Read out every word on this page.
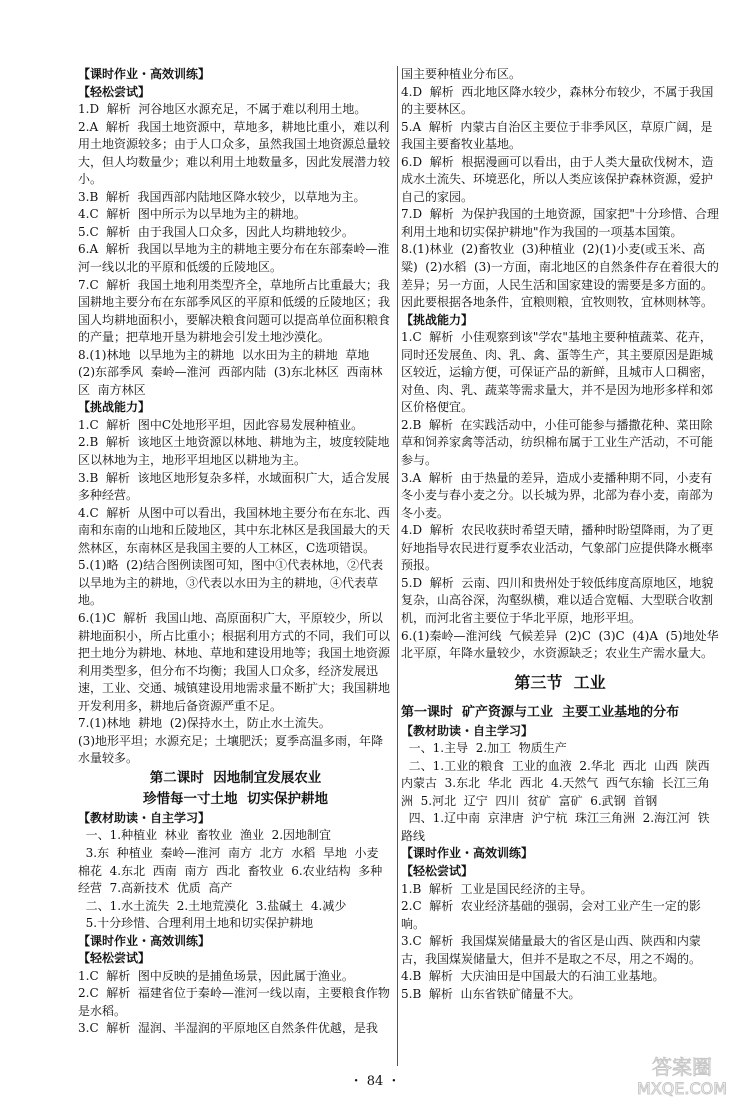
【课时作业・高效训练】

【轻松尝试】

1.D  解析  河谷地区水源充足，不属于难以利用土地。

2.A  解析  我国土地资源中，草地多，耕地比重小，难以利用土地资源较多；由于人口众多，虽然我国土地资源总量较大，但人均数量少；难以利用土地数量多，因此发展潜力较小。

3.B  解析  我国西部内陆地区降水较少，以草地为主。

4.C  解析  图中所示为以旱地为主的耕地。

5.C  解析  由于我国人口众多，因此人均耕地较少。

6.A  解析  我国以旱地为主的耕地主要分布在东部秦岭—淮河一线以北的平原和低缓的丘陵地区。

7.C  解析  我国土地利用类型齐全，草地所占比重最大；我国耕地主要分布在东部季风区的平原和低缓的丘陵地区；我国人均耕地面积小，要解决粮食问题可以提高单位面积粮食的产量；把草地开垦为耕地会引发土地沙漠化。

8.(1)林地  以旱地为主的耕地  以水田为主的耕地  草地  (2)东部季风  秦岭—淮河  西部内陆  (3)东北林区  西南林区  南方林区

【挑战能力】

1.C  解析  图中C处地形平坦，因此容易发展种植业。

2.B  解析  该地区土地资源以林地、耕地为主，坡度较陡地区以林地为主，地形平坦地区以耕地为主。

3.B  解析  该地区地形复杂多样，水域面积广大，适合发展多种经营。

4.C  解析  从图中可以看出，我国林地主要分布在东北、西南和东南的山地和丘陵地区，其中东北林区是我国最大的天然林区，东南林区是我国主要的人工林区，C选项错误。

5.(1)略  (2)结合图例读图可知，图中①代表林地，②代表以旱地为主的耕地，③代表以水田为主的耕地，④代表草地。

6.(1)C  解析  我国山地、高原面积广大，平原较少，所以耕地面积小，所占比重小；根据利用方式的不同，我们可以把土地分为耕地、林地、草地和建设用地等；我国土地资源利用类型多，但分布不均衡；我国人口众多，经济发展迅速，工业、交通、城镇建设用地需求量不断扩大；我国耕地开发利用多，耕地后备资源严重不足。

7.(1)林地  耕地  (2)保持水土，防止水土流失。

(3)地形平坦；水源充足；土壤肥沃；夏季高温多雨，年降水量较多。

第二课时  因地制宜发展农业

珍惜每一寸土地  切实保护耕地

【教材助读・自主学习】

一、1.种植业  林业  畜牧业  渔业  2.因地制宜

3.东  种植业  秦岭—淮河  南方  北方  水稻  旱地  小麦  棉花  4.东北  西南  南方  西北  畜牧业  6.农业结构  多种经营  7.高新技术  优质  高产

二、1.水土流失  2.土地荒漠化  3.盐碱土  4.减少

5.十分珍惜、合理利用土地和切实保护耕地

【课时作业・高效训练】

【轻松尝试】

1.C  解析  图中反映的是捕鱼场景，因此属于渔业。

2.C  解析  福建省位于秦岭—淮河一线以南，主要粮食作物是水稻。

3.C  解析  湿润、半湿润的平原地区自然条件优越，是我

国主要种植业分布区。

4.D  解析  西北地区降水较少，森林分布较少，不属于我国的主要林区。

5.A  解析  内蒙古自治区主要位于非季风区，草原广阔，是我国主要畜牧业基地。

6.D  解析  根据漫画可以看出，由于人类大量砍伐树木，造成水土流失、环境恶化，所以人类应该保护森林资源，爱护自己的家园。

7.D  解析  为保护我国的土地资源，国家把"十分珍惜、合理利用土地和切实保护耕地"作为我国的一项基本国策。

8.(1)林业  (2)畜牧业  (3)种植业  (2)(1)小麦(或玉米、高粱)  (2)水稻  (3)一方面，南北地区的自然条件存在着很大的差异；另一方面，人民生活和国家建设的需要是多方面的。因此要根据各地条件，宜粮则粮，宜牧则牧，宜林则林等。

【挑战能力】

1.C  解析  小佳观察到该"学农"基地主要种植蔬菜、花卉，同时还发展鱼、肉、乳、禽、蛋等生产，其主要原因是距城区较近，运输方便，可保证产品的新鲜，且城市人口稠密，对鱼、肉、乳、蔬菜等需求量大，并不是因为地形多样和郊区价格便宜。

2.B  解析  在实践活动中，小佳可能参与播撒花种、菜田除草和饲养家禽等活动，纺织棉布属于工业生产活动，不可能参与。

3.A  解析  由于热量的差异，造成小麦播种期不同，小麦有冬小麦与春小麦之分。以长城为界，北部为春小麦，南部为冬小麦。

4.D  解析  农民收获时希望天晴，播种时盼望降雨，为了更好地指导农民进行夏季农业活动，气象部门应提供降水概率预报。

5.D  解析  云南、四川和贵州处于较低纬度高原地区，地貌复杂，山高谷深，沟壑纵横，难以适合宽幅、大型联合收割机，而河北省主要位于华北平原，地形平坦。

6.(1)秦岭—淮河线  气候差异  (2)C  (3)C  (4)A  (5)地处华北平原，年降水量较少，水资源缺乏；农业生产需水量大。

第三节  工业

第一课时  矿产资源与工业  主要工业基地的分布

【教材助读・自主学习】

一、1.主导  2.加工  物质生产

二、1.工业的粮食  工业的血液  2.华北  西北  山西  陕西  内蒙古  3.东北  华北  西北  4.天然气  西气东输  长江三角洲  5.河北  辽宁  四川  贫矿  富矿  6.武钢  首钢

四、1.辽中南  京津唐  沪宁杭  珠江三角洲  2.海江河  铁路线

【课时作业・高效训练】

【轻松尝试】

1.B  解析  工业是国民经济的主导。

2.C  解析  农业经济基础的强弱，会对工业产生一定的影响。

3.C  解析  我国煤炭储量最大的省区是山西、陕西和内蒙古，我国煤炭储量大，但并不是取之不尽，用之不竭的。

4.B  解析  大庆油田是中国最大的石油工业基地。

5.B  解析  山东省铁矿储量不大。

・ 84 ・
答案圈
MXQE.COM
